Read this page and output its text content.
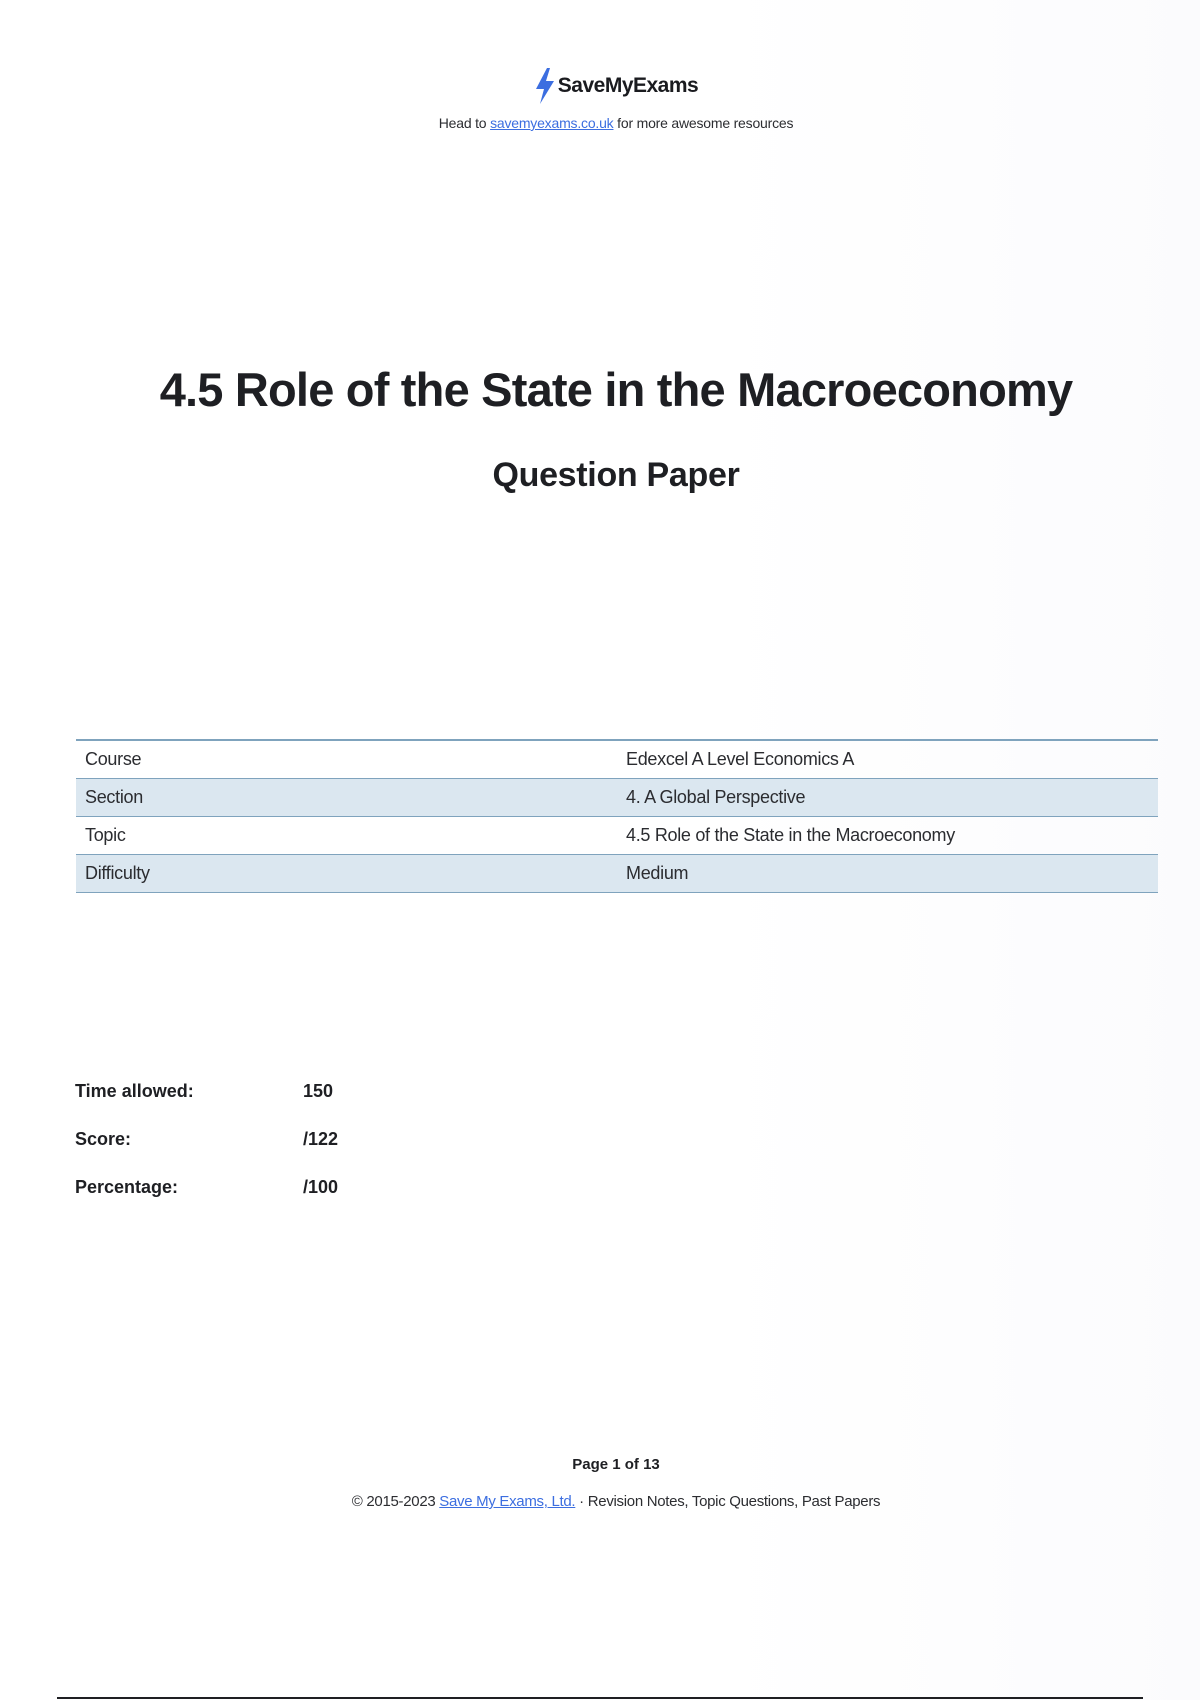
SaveMyExams
Head to savemyexams.co.uk for more awesome resources
4.5 Role of the State in the Macroeconomy
Question Paper
Course	Edexcel A Level Economics A
Section	4. A Global Perspective
Topic	4.5 Role of the State in the Macroeconomy
Difficulty	Medium
Time allowed:	150
Score:	/122
Percentage:	/100
Page 1 of 13
© 2015-2023 Save My Exams, Ltd. · Revision Notes, Topic Questions, Past Papers
